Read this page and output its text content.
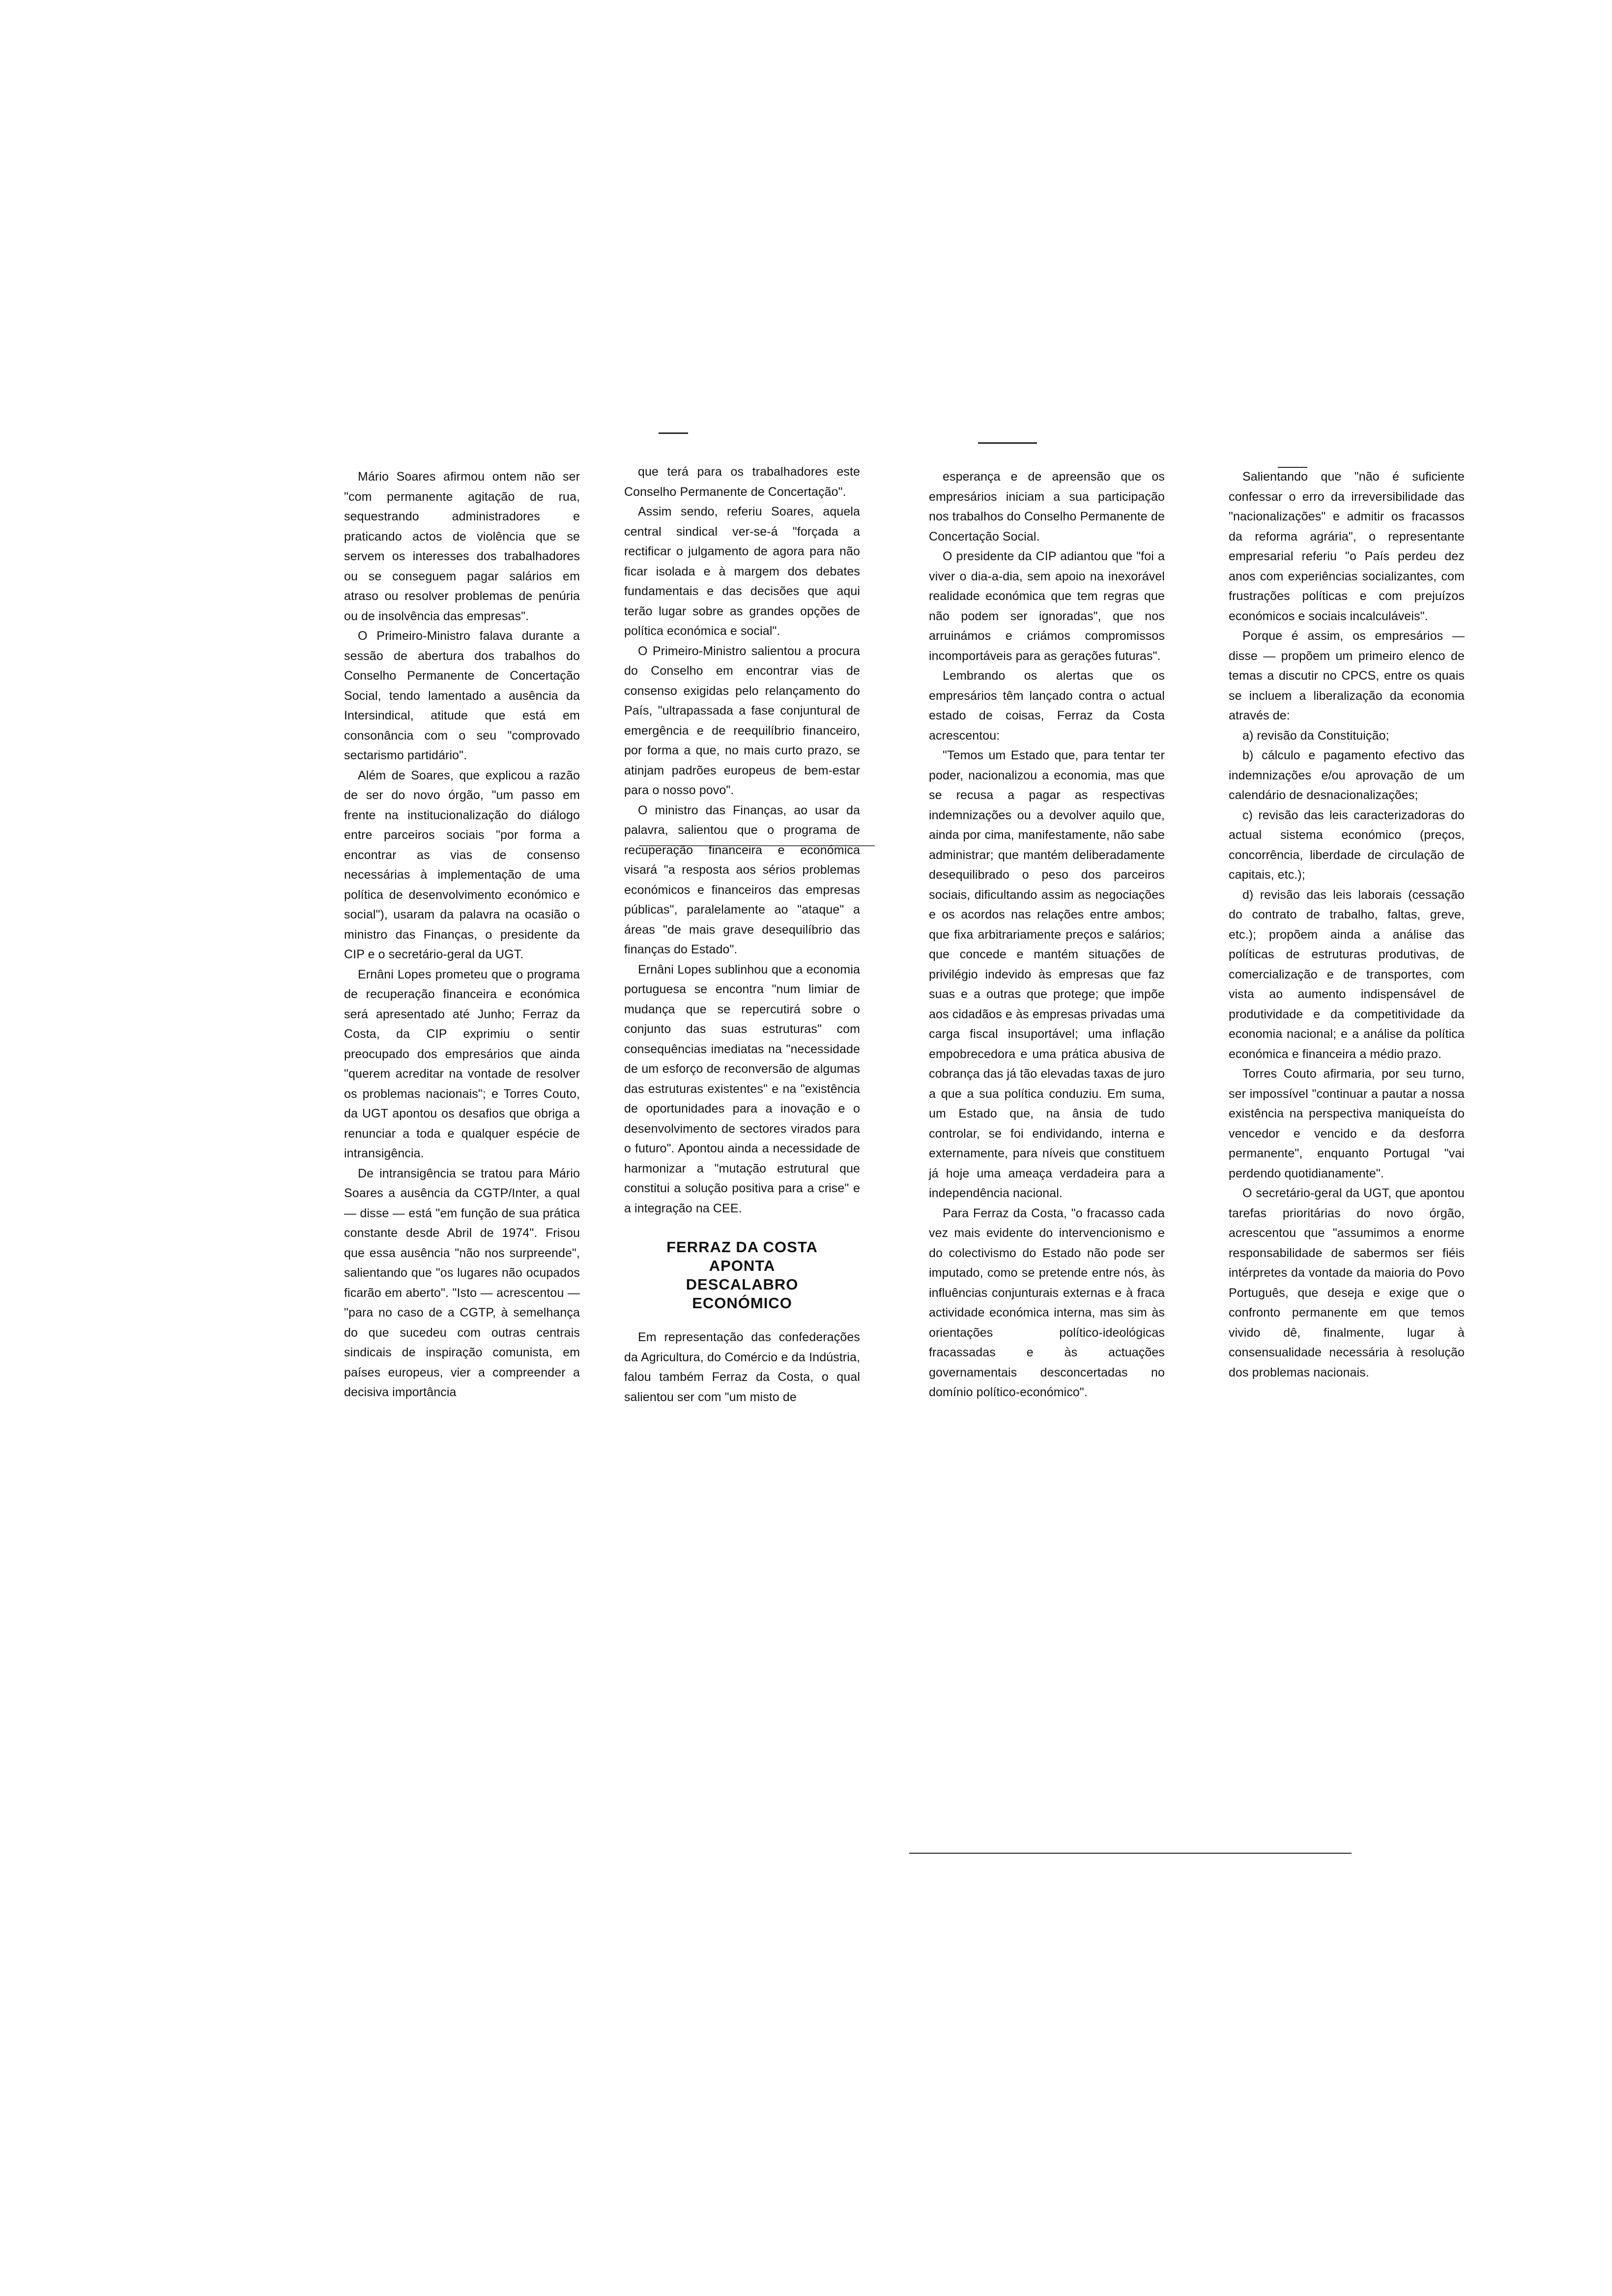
Mário Soares afirmou ontem não ser "com permanente agitação de rua, sequestrando administradores e praticando actos de violência que se servem os interesses dos trabalhadores ou se conseguem pagar salários em atraso ou resolver problemas de penúria ou de insolvência das empresas".

O Primeiro-Ministro falava durante a sessão de abertura dos trabalhos do Conselho Permanente de Concertação Social, tendo lamentado a ausência da Intersindical, atitude que está em consonância com o seu "comprovado sectarismo partidário".

Além de Soares, que explicou a razão de ser do novo órgão, "um passo em frente na institucionalização do diálogo entre parceiros sociais "por forma a encontrar as vias de consenso necessárias à implementação de uma política de desenvolvimento económico e social"), usaram da palavra na ocasião o ministro das Finanças, o presidente da CIP e o secretário-geral da UGT.

Ernâni Lopes prometeu que o programa de recuperação financeira e económica será apresentado até Junho; Ferraz da Costa, da CIP exprimiu o sentir preocupado dos empresários que ainda "querem acreditar na vontade de resolver os problemas nacionais"; e Torres Couto, da UGT apontou os desafios que obriga a renunciar a toda e qualquer espécie de intransigência.

De intransigência se tratou para Mário Soares a ausência da CGTP/Inter, a qual — disse — está "em função de sua prática constante desde Abril de 1974". Frisou que essa ausência "não nos surpreende", salientando que "os lugares não ocupados ficarão em aberto". "Isto — acrescentou — "para no caso de a CGTP, à semelhança do que sucedeu com outras centrais sindicais de inspiração comunista, em países europeus, vier a compreender a decisiva importância

que terá para os trabalhadores este Conselho Permanente de Concertação".

Assim sendo, referiu Soares, aquela central sindical ver-se-á "forçada a rectificar o julgamento de agora para não ficar isolada e à margem dos debates fundamentais e das decisões que aqui terão lugar sobre as grandes opções de política económica e social".

O Primeiro-Ministro salientou a procura do Conselho em encontrar vias de consenso exigidas pelo relançamento do País, "ultrapassada a fase conjuntural de emergência e de reequilíbrio financeiro, por forma a que, no mais curto prazo, se atinjam padrões europeus de bem-estar para o nosso povo".

O ministro das Finanças, ao usar da palavra, salientou que o programa de recuperação financeira e económica visará "a resposta aos sérios problemas económicos e financeiros das empresas públicas", paralelamente ao "ataque" a áreas "de mais grave desequilíbrio das finanças do Estado".

Ernâni Lopes sublinhou que a economia portuguesa se encontra "num limiar de mudança que se repercutirá sobre o conjunto das suas estruturas" com consequências imediatas na "necessidade de um esforço de reconversão de algumas das estruturas existentes" e na "existência de oportunidades para a inovação e o desenvolvimento de sectores virados para o futuro". Apontou ainda a necessidade de harmonizar a "mutação estrutural que constitui a solução positiva para a crise" e a integração na CEE.

FERRAZ DA COSTA
APONTA
DESCALABRO ECONÓMICO

Em representação das confederações da Agricultura, do Comércio e da Indústria, falou também Ferraz da Costa, o qual salientou ser com "um misto de

esperança e de apreensão que os empresários iniciam a sua participação nos trabalhos do Conselho Permanente de Concertação Social.

O presidente da CIP adiantou que "foi a viver o dia-a-dia, sem apoio na inexorável realidade económica que tem regras que não podem ser ignoradas", que nos arruinámos e criámos compromissos incomportáveis para as gerações futuras".

Lembrando os alertas que os empresários têm lançado contra o actual estado de coisas, Ferraz da Costa acrescentou:

"Temos um Estado que, para tentar ter poder, nacionalizou a economia, mas que se recusa a pagar as respectivas indemnizações ou a devolver aquilo que, ainda por cima, manifestamente, não sabe administrar; que mantém deliberadamente desequilibrado o peso dos parceiros sociais, dificultando assim as negociações e os acordos nas relações entre ambos; que fixa arbitrariamente preços e salários; que concede e mantém situações de privilégio indevido às empresas que faz suas e a outras que protege; que impõe aos cidadãos e às empresas privadas uma carga fiscal insuportável; uma inflação empobrecedora e uma prática abusiva de cobrança das já tão elevadas taxas de juro a que a sua política conduziu. Em suma, um Estado que, na ânsia de tudo controlar, se foi endividando, interna e externamente, para níveis que constituem já hoje uma ameaça verdadeira para a independência nacional.

Para Ferraz da Costa, "o fracasso cada vez mais evidente do intervencionismo e do colectivismo do Estado não pode ser imputado, como se pretende entre nós, às influências conjunturais externas e à fraca actividade económica interna, mas sim às orientações político-ideológicas fracassadas e às actuações governamentais desconcertadas no domínio político-económico".

Salientando que "não é suficiente confessar o erro da irreversibilidade das "nacionalizações" e admitir os fracassos da reforma agrária", o representante empresarial referiu "o País perdeu dez anos com experiências socializantes, com frustrações políticas e com prejuízos económicos e sociais incalculáveis".

Porque é assim, os empresários — disse — propõem um primeiro elenco de temas a discutir no CPCS, entre os quais se incluem a liberalização da economia através de:

a) revisão da Constituição;

b) cálculo e pagamento efectivo das indemnizações e/ou aprovação de um calendário de desnacionalizações;

c) revisão das leis caracterizadoras do actual sistema económico (preços, concorrência, liberdade de circulação de capitais, etc.);

d) revisão das leis laborais (cessação do contrato de trabalho, faltas, greve, etc.); propõem ainda a análise das políticas de estruturas produtivas, de comercialização e de transportes, com vista ao aumento indispensável de produtividade e da competitividade da economia nacional; e a análise da política económica e financeira a médio prazo.

Torres Couto afirmaria, por seu turno, ser impossível "continuar a pautar a nossa existência na perspectiva maniqueísta do vencedor e vencido e da desforra permanente", enquanto Portugal "vai perdendo quotidianamente".

O secretário-geral da UGT, que apontou tarefas prioritárias do novo órgão, acrescentou que "assumimos a enorme responsabilidade de sabermos ser fiéis intérpretes da vontade da maioria do Povo Português, que deseja e exige que o confronto permanente em que temos vivido dê, finalmente, lugar à consensualidade necessária à resolução dos problemas nacionais.
